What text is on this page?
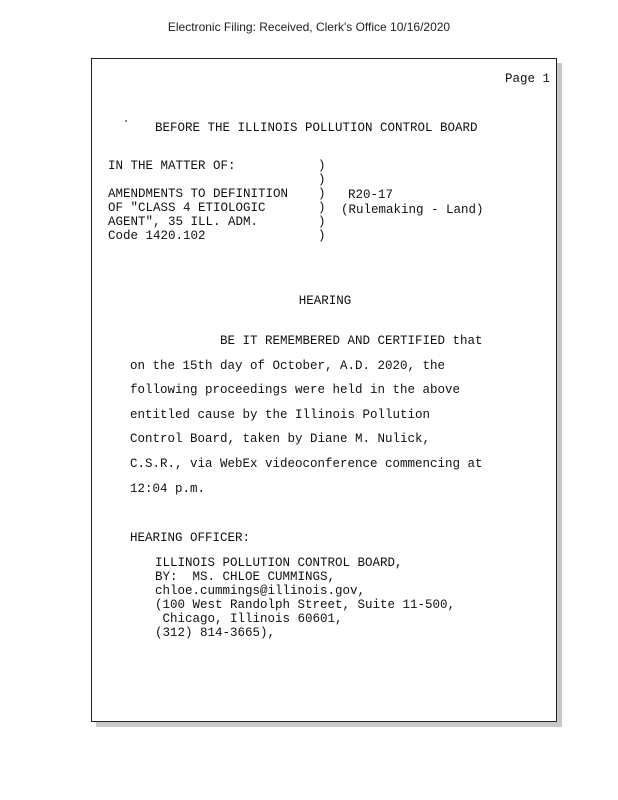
Electronic Filing: Received, Clerk's Office 10/16/2020
Page 1
BEFORE THE ILLINOIS POLLUTION CONTROL BOARD
IN THE MATTER OF:

AMENDMENTS TO DEFINITION
OF "CLASS 4 ETIOLOGIC
AGENT", 35 ILL. ADM.
Code 1420.102
)
)
)
)
)
)
R20-17
(Rulemaking - Land)
HEARING
BE IT REMEMBERED AND CERTIFIED that
on the 15th day of October, A.D. 2020, the
following proceedings were held in the above
entitled cause by the Illinois Pollution
Control Board, taken by Diane M. Nulick,
C.S.R., via WebEx videoconference commencing at
12:04 p.m.
HEARING OFFICER:
ILLINOIS POLLUTION CONTROL BOARD,
BY:  MS. CHLOE CUMMINGS,
chloe.cummings@illinois.gov,
(100 West Randolph Street, Suite 11-500,
Chicago, Illinois 60601,
(312) 814-3665),
